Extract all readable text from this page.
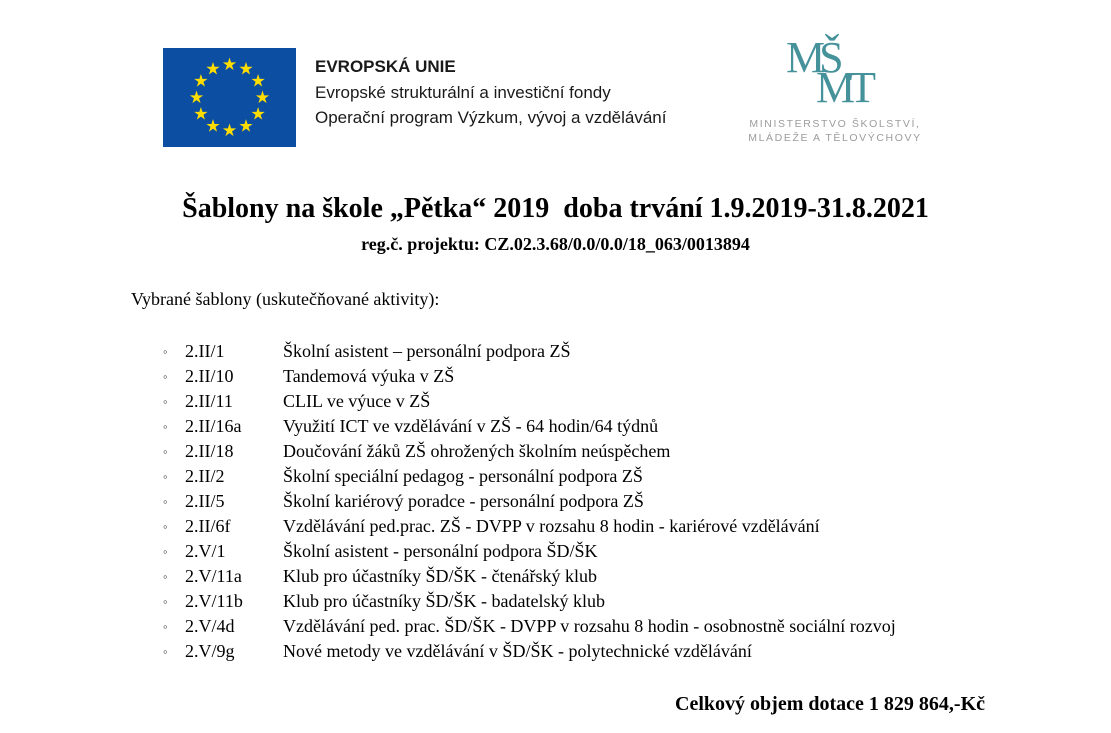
EVROPSKÁ UNIE
Evropské strukturální a investiční fondy
Operační program Výzkum, vývoj a vzdělávání
MŠ
MT
MINISTERSTVO ŠKOLSTVÍ,
MLÁDEŽE A TĚLOVÝCHOVY
Šablony na škole „Pětka“ 2019  doba trvání 1.9.2019-31.8.2021
reg.č. projektu: CZ.02.3.68/0.0/0.0/18_063/0013894
Vybrané šablony (uskutečňované aktivity):
◦ 2.II/1	Školní asistent – personální podpora ZŠ
◦ 2.II/10	Tandemová výuka v ZŠ
◦ 2.II/11	CLIL ve výuce v ZŠ
◦ 2.II/16a	Využití ICT ve vzdělávání v ZŠ - 64 hodin/64 týdnů
◦ 2.II/18	Doučování žáků ZŠ ohrožených školním neúspěchem
◦ 2.II/2	Školní speciální pedagog - personální podpora ZŠ
◦ 2.II/5	Školní kariérový poradce - personální podpora ZŠ
◦ 2.II/6f	Vzdělávání ped.prac. ZŠ - DVPP v rozsahu 8 hodin - kariérové vzdělávání
◦ 2.V/1	Školní asistent - personální podpora ŠD/ŠK
◦ 2.V/11a	Klub pro účastníky ŠD/ŠK - čtenářský klub
◦ 2.V/11b	Klub pro účastníky ŠD/ŠK - badatelský klub
◦ 2.V/4d	Vzdělávání ped. prac. ŠD/ŠK - DVPP v rozsahu 8 hodin - osobnostně sociální rozvoj
◦ 2.V/9g	Nové metody ve vzdělávání v ŠD/ŠK - polytechnické vzdělávání
Celkový objem dotace 1 829 864,-Kč
